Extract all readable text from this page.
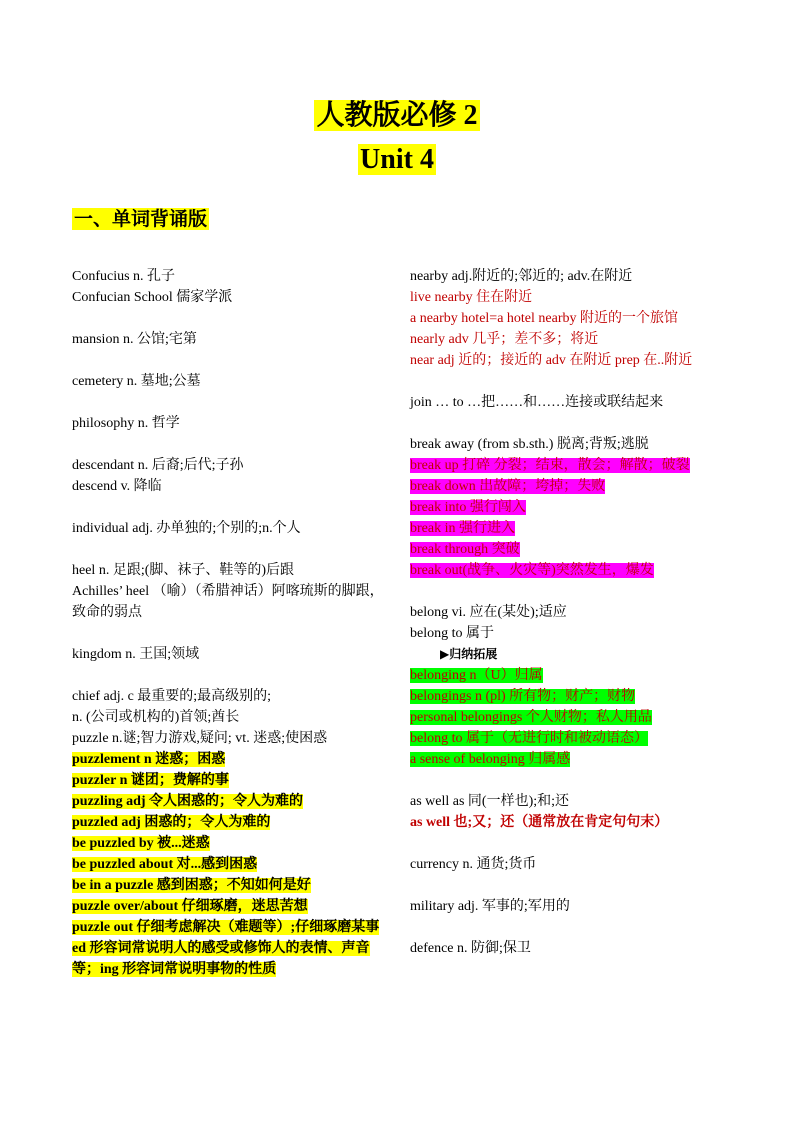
人教版必修 2
Unit 4
一、单词背诵版
Confucius n. 孔子
Confucian School 儒家学派
mansion n. 公馆;宅第
cemetery n. 墓地;公墓
philosophy n. 哲学
descendant n. 后裔;后代;子孙
descend v. 降临
individual adj. 办单独的;个别的;n.个人
heel n. 足跟;(脚、袜子、鞋等的)后跟
Achilles’ heel （喻）（希腊神话）阿喀琉斯的脚跟，致命的弱点
kingdom n. 王国;领域
chief adj. c 最重要的;最高级别的;
n. (公司或机构的)首领;酋长
puzzle n.谜;智力游戏,疑问; vt. 迷惑;使困惑
puzzlement n 迷惑；困惑
puzzler n 谜团；费解的事
puzzling adj 令人困惑的；令人为难的
puzzled adj 困惑的；令人为难的
be puzzled by 被...迷惑
be puzzled about 对...感到困惑
be in a puzzle 感到困惑；不知如何是好
puzzle over/about 仔细琢磨，迷思苦想
puzzle out 仔细考虑解决（难题等）;仔细琢磨某事
ed 形容词常说明人的感受或修饰人的表情、声音等；ing 形容词常说明事物的性质
nearby adj.附近的;邻近的; adv.在附近
live nearby 住在附近
a nearby hotel=a hotel nearby 附近的一个旅馆
nearly adv 几乎；差不多；将近
near adj 近的；接近的 adv 在附近 prep 在..附近
join … to …把……和……连接或联结起来
break away (from sb.sth.) 脱离;背叛;逃脱
break up 打碎 分裂；结束，散会；解散；破裂
break down 出故障；垮掉；失败
break into 强行闯入
break in 强行进入
break through 突破
break out(战争、火灾等)突然发生，爆发
belong vi. 应在(某处);适应
belong to 属于
▶归纳拓展
belonging n（U）归属
belongings n (pl) 所有物；财产；财物
personal belongings 个人财物；私人用品
belong to 属于（无进行时和被动语态）
a sense of belonging 归属感
as well as 同(一样也);和;还
as well 也;又；还（通常放在肯定句句末）
currency n. 通货;货币
military adj. 军事的;军用的
defence n. 防御;保卫
